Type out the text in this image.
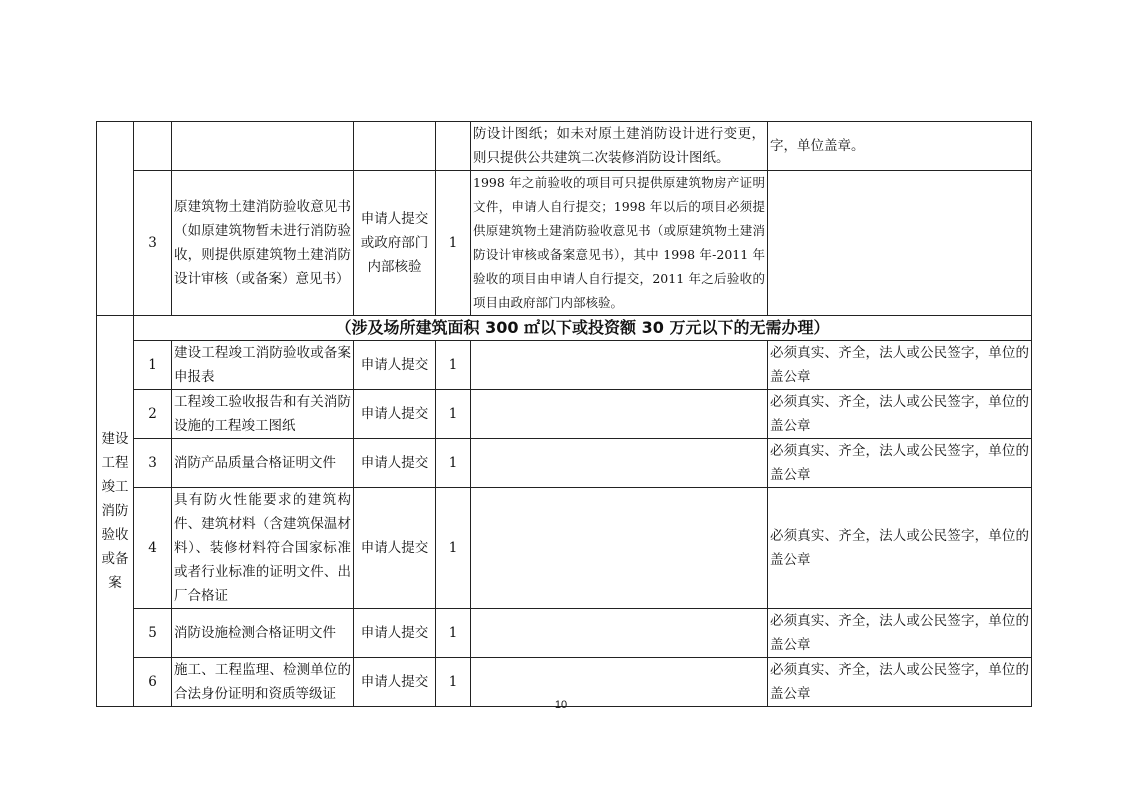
					防设计图纸；如未对原土建消防设计进行变更，则只提供公共建筑二次装修消防设计图纸。	字，单位盖章。
	3	原建筑物土建消防验收意见书（如原建筑物暂未进行消防验收，则提供原建筑物土建消防设计审核（或备案）意见书）	申请人提交或政府部门内部核验	1	1998 年之前验收的项目可只提供原建筑物房产证明文件，申请人自行提交；1998 年以后的项目必须提供原建筑物土建消防验收意见书（或原建筑物土建消防设计审核或备案意见书），其中 1998 年-2011 年验收的项目由申请人自行提交，2011 年之后验收的项目由政府部门内部核验。	
建设工程竣工消防验收或备案	（涉及场所建筑面积 300 ㎡以下或投资额 30 万元以下的无需办理）					
	1	建设工程竣工消防验收或备案申报表	申请人提交	1		必须真实、齐全，法人或公民签字，单位的盖公章
	2	工程竣工验收报告和有关消防设施的工程竣工图纸	申请人提交	1		必须真实、齐全，法人或公民签字，单位的盖公章
	3	消防产品质量合格证明文件	申请人提交	1		必须真实、齐全，法人或公民签字，单位的盖公章
	4	具有防火性能要求的建筑构件、建筑材料（含建筑保温材料）、装修材料符合国家标准或者行业标准的证明文件、出厂合格证	申请人提交	1		必须真实、齐全，法人或公民签字，单位的盖公章
	5	消防设施检测合格证明文件	申请人提交	1		必须真实、齐全，法人或公民签字，单位的盖公章
	6	施工、工程监理、检测单位的合法身份证明和资质等级证	申请人提交	1		必须真实、齐全，法人或公民签字，单位的盖公章
10
